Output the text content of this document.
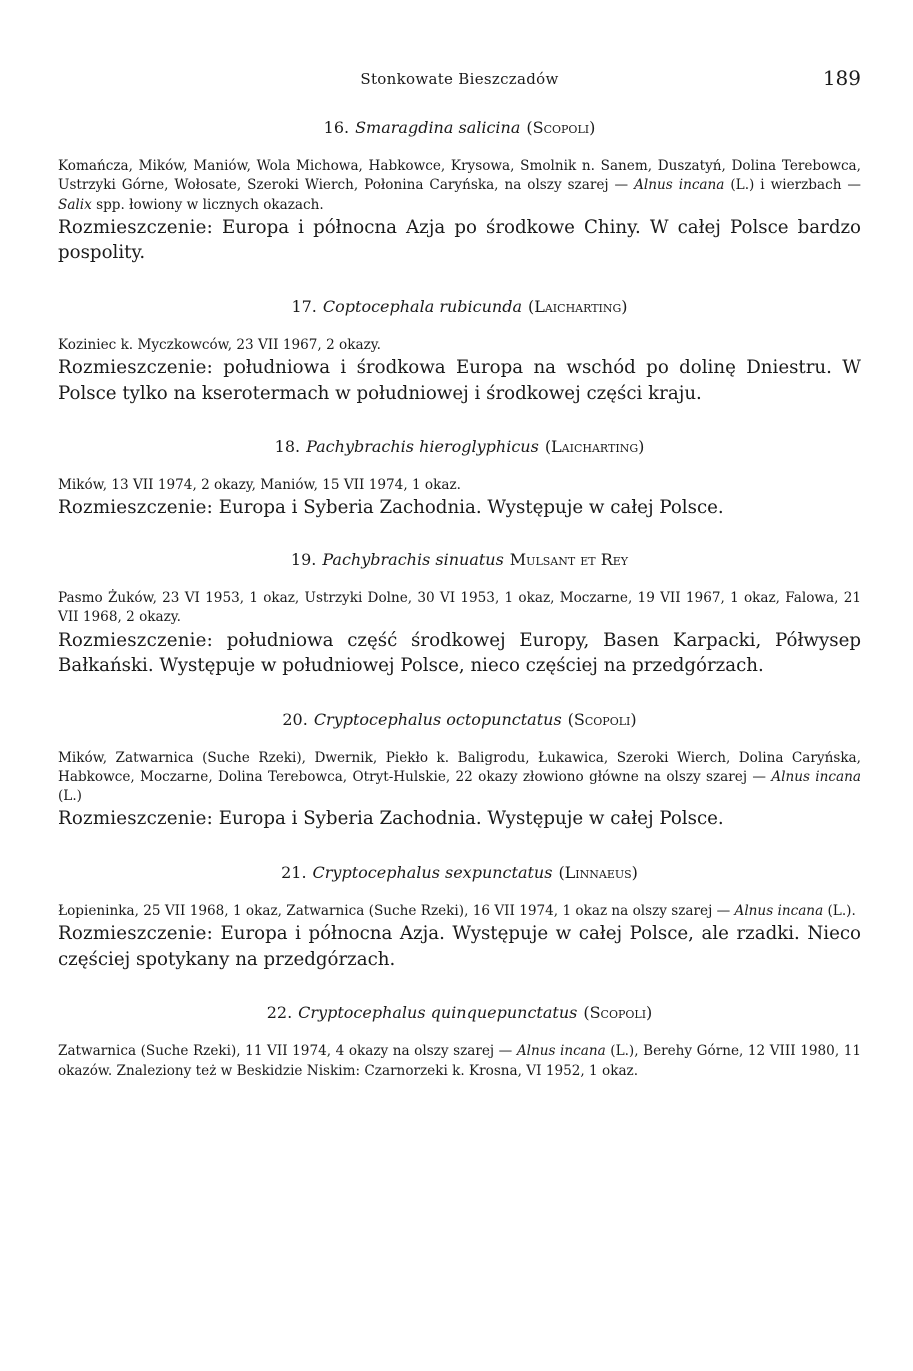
Stonkowate Bieszczadów	189
16. Smaragdina salicina (Scopoli)

Komańcza, Mików, Maniów, Wola Michowa, Habkowce, Krysowa, Smolnik n. Sanem, Duszatyń, Dolina Terebowca, Ustrzyki Górne, Wołosate, Szeroki Wierch, Połonina Caryńska, na olszy szarej — Alnus incana (L.) i wierzbach — Salix spp. łowiony w licznych okazach.

Rozmieszczenie: Europa i północna Azja po środkowe Chiny. W całej Polsce bardzo pospolity.

17. Coptocephala rubicunda (Laicharting)

Koziniec k. Myczkowców, 23 VII 1967, 2 okazy.

Rozmieszczenie: południowa i środkowa Europa na wschód po dolinę Dniestru. W Polsce tylko na kserotermach w południowej i środkowej części kraju.

18. Pachybrachis hieroglyphicus (Laicharting)

Mików, 13 VII 1974, 2 okazy, Maniów, 15 VII 1974, 1 okaz.

Rozmieszczenie: Europa i Syberia Zachodnia. Występuje w całej Polsce.

19. Pachybrachis sinuatus Mulsant et Rey

Pasmo Żuków, 23 VI 1953, 1 okaz, Ustrzyki Dolne, 30 VI 1953, 1 okaz, Moczarne, 19 VII 1967, 1 okaz, Falowa, 21 VII 1968, 2 okazy.

Rozmieszczenie: południowa część środkowej Europy, Basen Karpacki, Półwysep Bałkański. Występuje w południowej Polsce, nieco częściej na przedgórzach.

20. Cryptocephalus octopunctatus (Scopoli)

Mików, Zatwarnica (Suche Rzeki), Dwernik, Piekło k. Baligrodu, Łukawica, Szeroki Wierch, Dolina Caryńska, Habkowce, Moczarne, Dolina Terebowca, Otryt-Hulskie, 22 okazy złowiono główne na olszy szarej — Alnus incana (L.)

Rozmieszczenie: Europa i Syberia Zachodnia. Występuje w całej Polsce.

21. Cryptocephalus sexpunctatus (Linnaeus)

Łopieninka, 25 VII 1968, 1 okaz, Zatwarnica (Suche Rzeki), 16 VII 1974, 1 okaz na olszy szarej — Alnus incana (L.).

Rozmieszczenie: Europa i północna Azja. Występuje w całej Polsce, ale rzadki. Nieco częściej spotykany na przedgórzach.

22. Cryptocephalus quinquepunctatus (Scopoli)

Zatwarnica (Suche Rzeki), 11 VII 1974, 4 okazy na olszy szarej — Alnus incana (L.), Berehy Górne, 12 VIII 1980, 11 okazów. Znaleziony też w Beskidzie Niskim: Czarnorzeki k. Krosna, VI 1952, 1 okaz.
